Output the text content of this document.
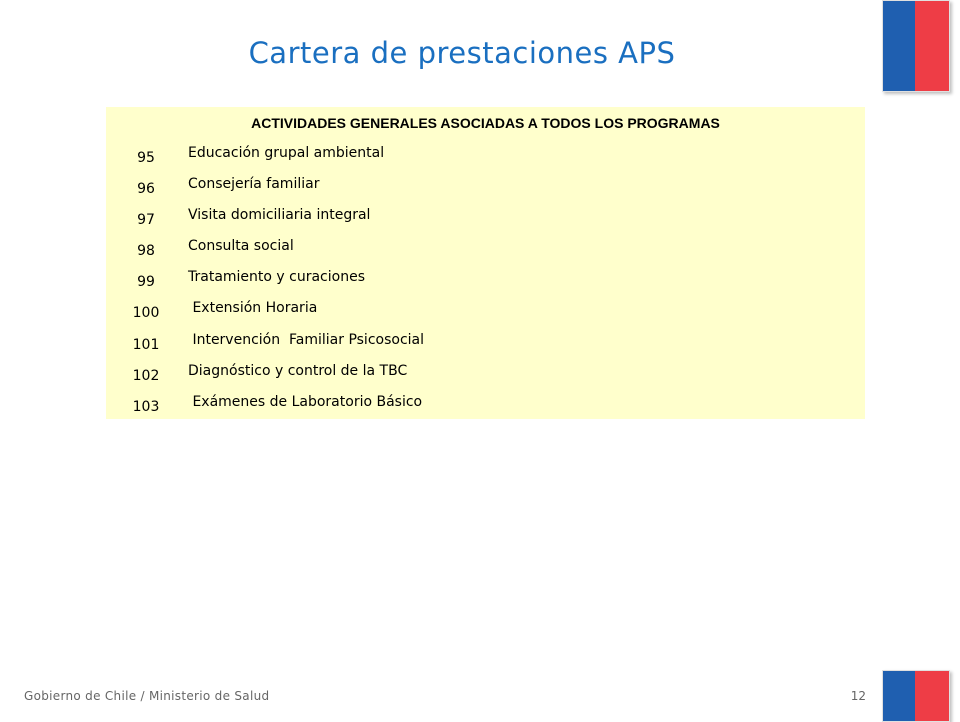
Cartera de prestaciones APS
ACTIVIDADES GENERALES ASOCIADAS A TODOS LOS PROGRAMAS
95	Educación grupal ambiental
96	Consejería familiar
97	Visita domiciliaria integral
98	Consulta social
99	Tratamiento y curaciones
100	Extensión Horaria
101	Intervención  Familiar Psicosocial
102	Diagnóstico y control de la TBC
103	Exámenes de Laboratorio Básico
Gobierno de Chile / Ministerio de Salud	12
